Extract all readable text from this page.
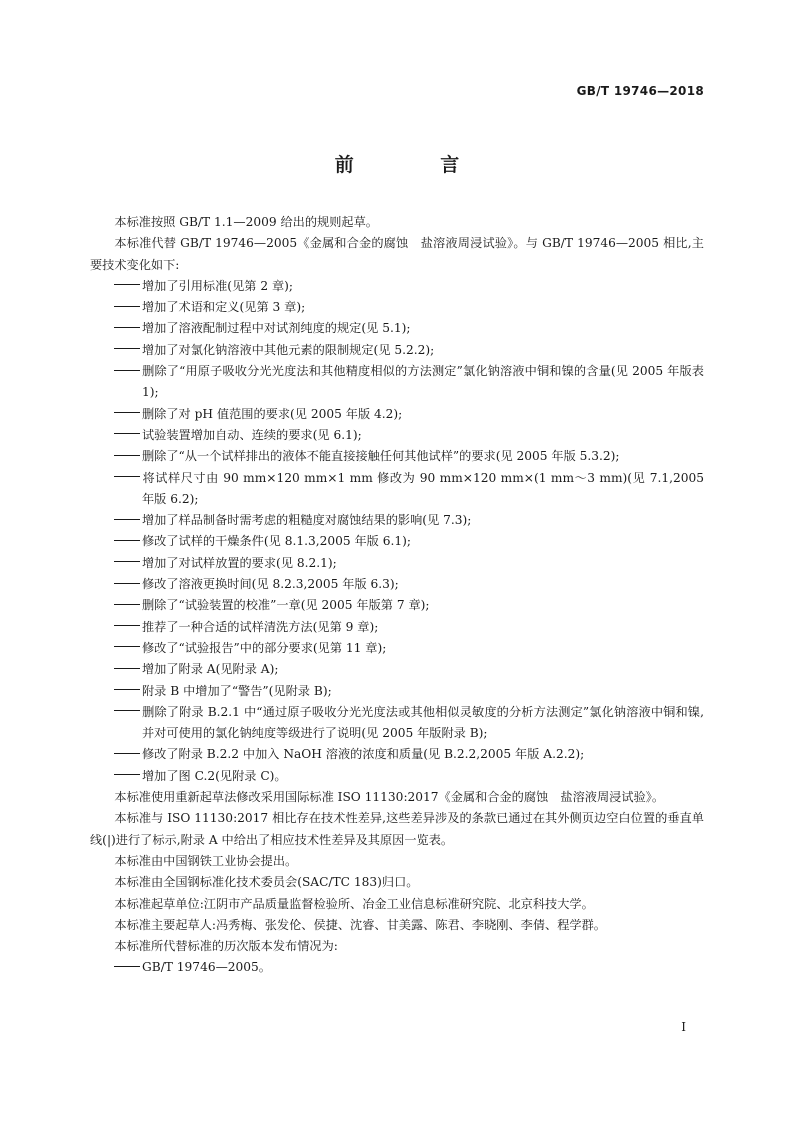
GB/T 19746—2018
前 言

本标准按照 GB/T 1.1—2009 给出的规则起草。

本标准代替 GB/T 19746—2005《金属和合金的腐蚀　盐溶液周浸试验》。与 GB/T 19746—2005 相比,主要技术变化如下:

增加了引用标准(见第 2 章);
增加了术语和定义(见第 3 章);
增加了溶液配制过程中对试剂纯度的规定(见 5.1);
增加了对氯化钠溶液中其他元素的限制规定(见 5.2.2);
删除了“用原子吸收分光光度法和其他精度相似的方法测定”氯化钠溶液中铜和镍的含量(见 2005 年版表 1);
删除了对 pH 值范围的要求(见 2005 年版 4.2);
试验装置增加自动、连续的要求(见 6.1);
删除了“从一个试样排出的液体不能直接接触任何其他试样”的要求(见 2005 年版 5.3.2);
将试样尺寸由 90 mm×120 mm×1 mm 修改为 90 mm×120 mm×(1 mm～3 mm)(见 7.1,2005 年版 6.2);
增加了样品制备时需考虑的粗糙度对腐蚀结果的影响(见 7.3);
修改了试样的干燥条件(见 8.1.3,2005 年版 6.1);
增加了对试样放置的要求(见 8.2.1);
修改了溶液更换时间(见 8.2.3,2005 年版 6.3);
删除了“试验装置的校准”一章(见 2005 年版第 7 章);
推荐了一种合适的试样清洗方法(见第 9 章);
修改了“试验报告”中的部分要求(见第 11 章);
增加了附录 A(见附录 A);
附录 B 中增加了“警告”(见附录 B);
删除了附录 B.2.1 中“通过原子吸收分光光度法或其他相似灵敏度的分析方法测定”氯化钠溶液中铜和镍,并对可使用的氯化钠纯度等级进行了说明(见 2005 年版附录 B);
修改了附录 B.2.2 中加入 NaOH 溶液的浓度和质量(见 B.2.2,2005 年版 A.2.2);
增加了图 C.2(见附录 C)。

本标准使用重新起草法修改采用国际标准 ISO 11130:2017《金属和合金的腐蚀　盐溶液周浸试验》。

本标准与 ISO 11130:2017 相比存在技术性差异,这些差异涉及的条款已通过在其外侧页边空白位置的垂直单线(|)进行了标示,附录 A 中给出了相应技术性差异及其原因一览表。

本标准由中国钢铁工业协会提出。

本标准由全国钢标准化技术委员会(SAC/TC 183)归口。

本标准起草单位:江阴市产品质量监督检验所、冶金工业信息标准研究院、北京科技大学。

本标准主要起草人:冯秀梅、张发伦、侯捷、沈睿、甘美露、陈君、李晓刚、李倩、程学群。

本标准所代替标准的历次版本发布情况为:

GB/T 19746—2005。
I
